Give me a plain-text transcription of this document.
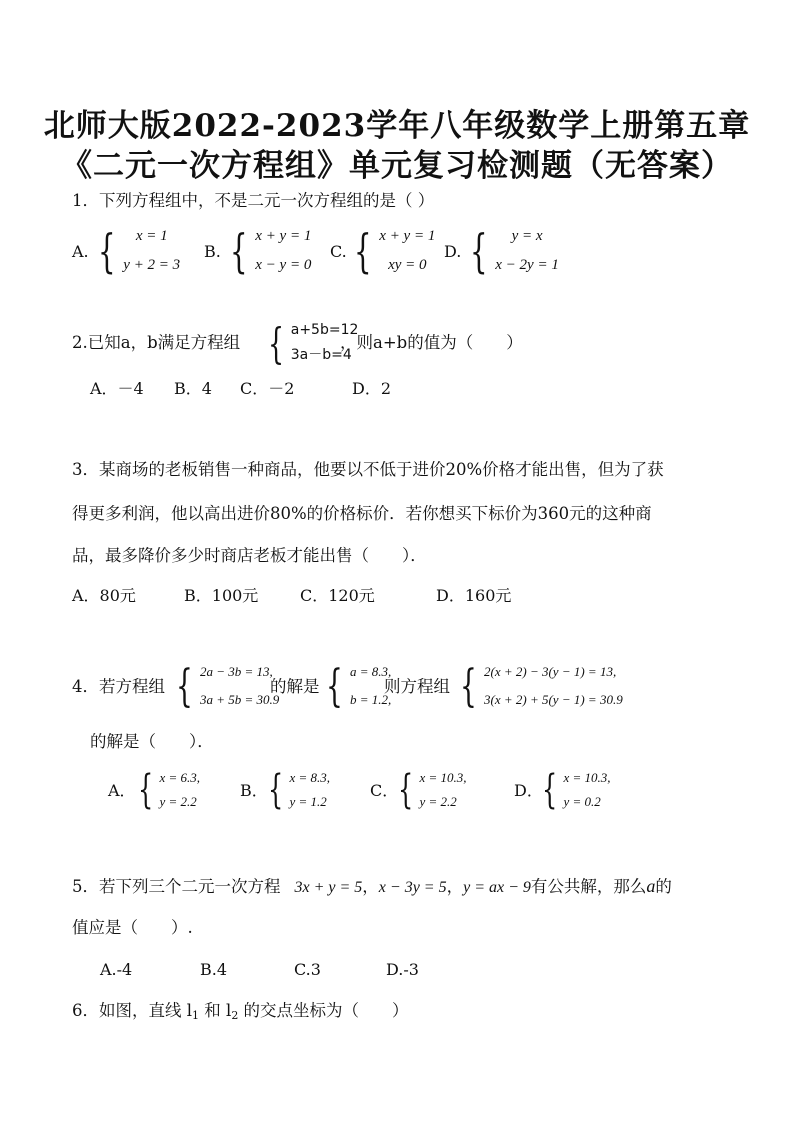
北师大版2022-2023学年八年级数学上册第五章
《二元一次方程组》单元复习检测题（无答案）
1．下列方程组中，不是二元一次方程组的是（ ）
A. {	x = 1
y + 2 = 3
B. { x + y = 1
x − y = 0
C. { x + y = 1
xy = 0
D. {	y = x
x − 2y = 1
2.已知a，b满足方程组 { a+5b=12
3a－b=4
，则a+b的值为（　　）
A．－4 B．4 C．－2	D．2
3．某商场的老板销售一种商品，他要以不低于进价20%价格才能出售，但为了获
得更多利润，他以高出进价80%的价格标价．若你想买下标价为360元的这种商
品，最多降价多少时商店老板才能出售（　　）．
A．80元	B．100元	C．120元	D．160元
4．若方程组 { 2a − 3b = 13,
3a + 5b = 30.9
的解是 { a = 8.3,
b = 1.2,
则方程组 { 2(x + 2) − 3(y − 1) = 13,
3(x + 2) + 5(y − 1) = 30.9
的解是（　　）．
A． { x = 6.3,
y = 2.2
B． { x = 8.3,
y = 1.2
C． { x = 10.3,
y = 2.2
D． { x = 10.3,
y = 0.2
5．若下列三个二元一次方程 3x + y = 5，x − 3y = 5，y = ax − 9有公共解，那么a的
值应是（　　）.
A.-4	B.4	C.3	D.-3
6．如图，直线 $l_1$ 和 $l_2$ 的交点坐标为（　　）
